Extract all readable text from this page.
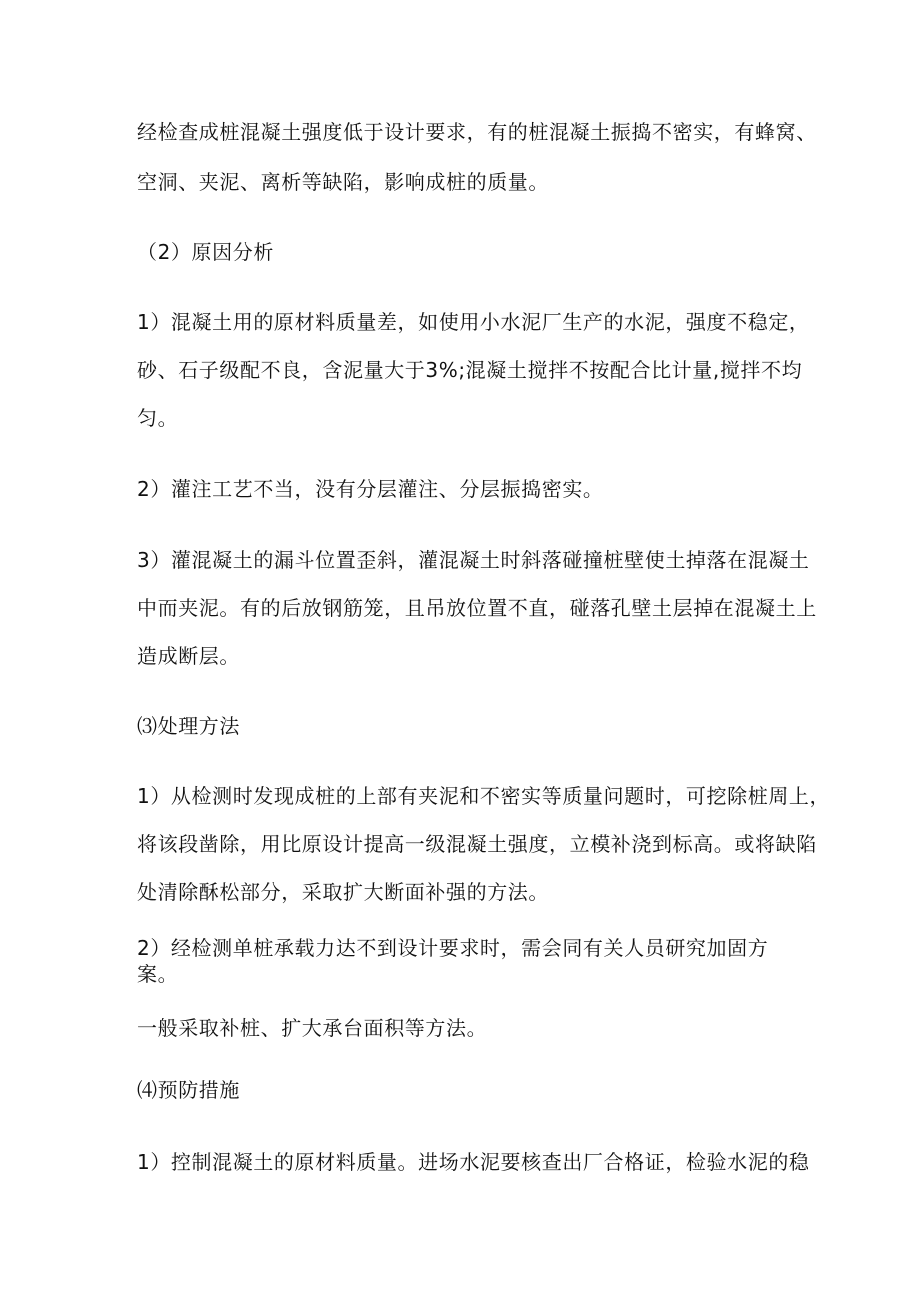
经检查成桩混凝土强度低于设计要求，有的桩混凝土振捣不密实，有蜂窝、
空洞、夹泥、离析等缺陷，影响成桩的质量。
（2）原因分析
1）混凝土用的原材料质量差，如使用小水泥厂生产的水泥，强度不稳定，
砂、石子级配不良，含泥量大于3%;混凝土搅拌不按配合比计量,搅拌不均
匀。
2）灌注工艺不当，没有分层灌注、分层振捣密实。
3）灌混凝土的漏斗位置歪斜，灌混凝土时斜落碰撞桩壁使土掉落在混凝土
中而夹泥。有的后放钢筋笼，且吊放位置不直，碰落孔壁土层掉在混凝土上
造成断层。
⑶处理方法
1）从检测时发现成桩的上部有夹泥和不密实等质量问题时，可挖除桩周上，
将该段凿除，用比原设计提高一级混凝土强度，立模补浇到标高。或将缺陷
处清除酥松部分，采取扩大断面补强的方法。
2）经检测单桩承载力达不到设计要求时，需会同有关人员研究加固方
案。
一般采取补桩、扩大承台面积等方法。
⑷预防措施
1）控制混凝土的原材料质量。进场水泥要核查出厂合格证，检验水泥的稳
